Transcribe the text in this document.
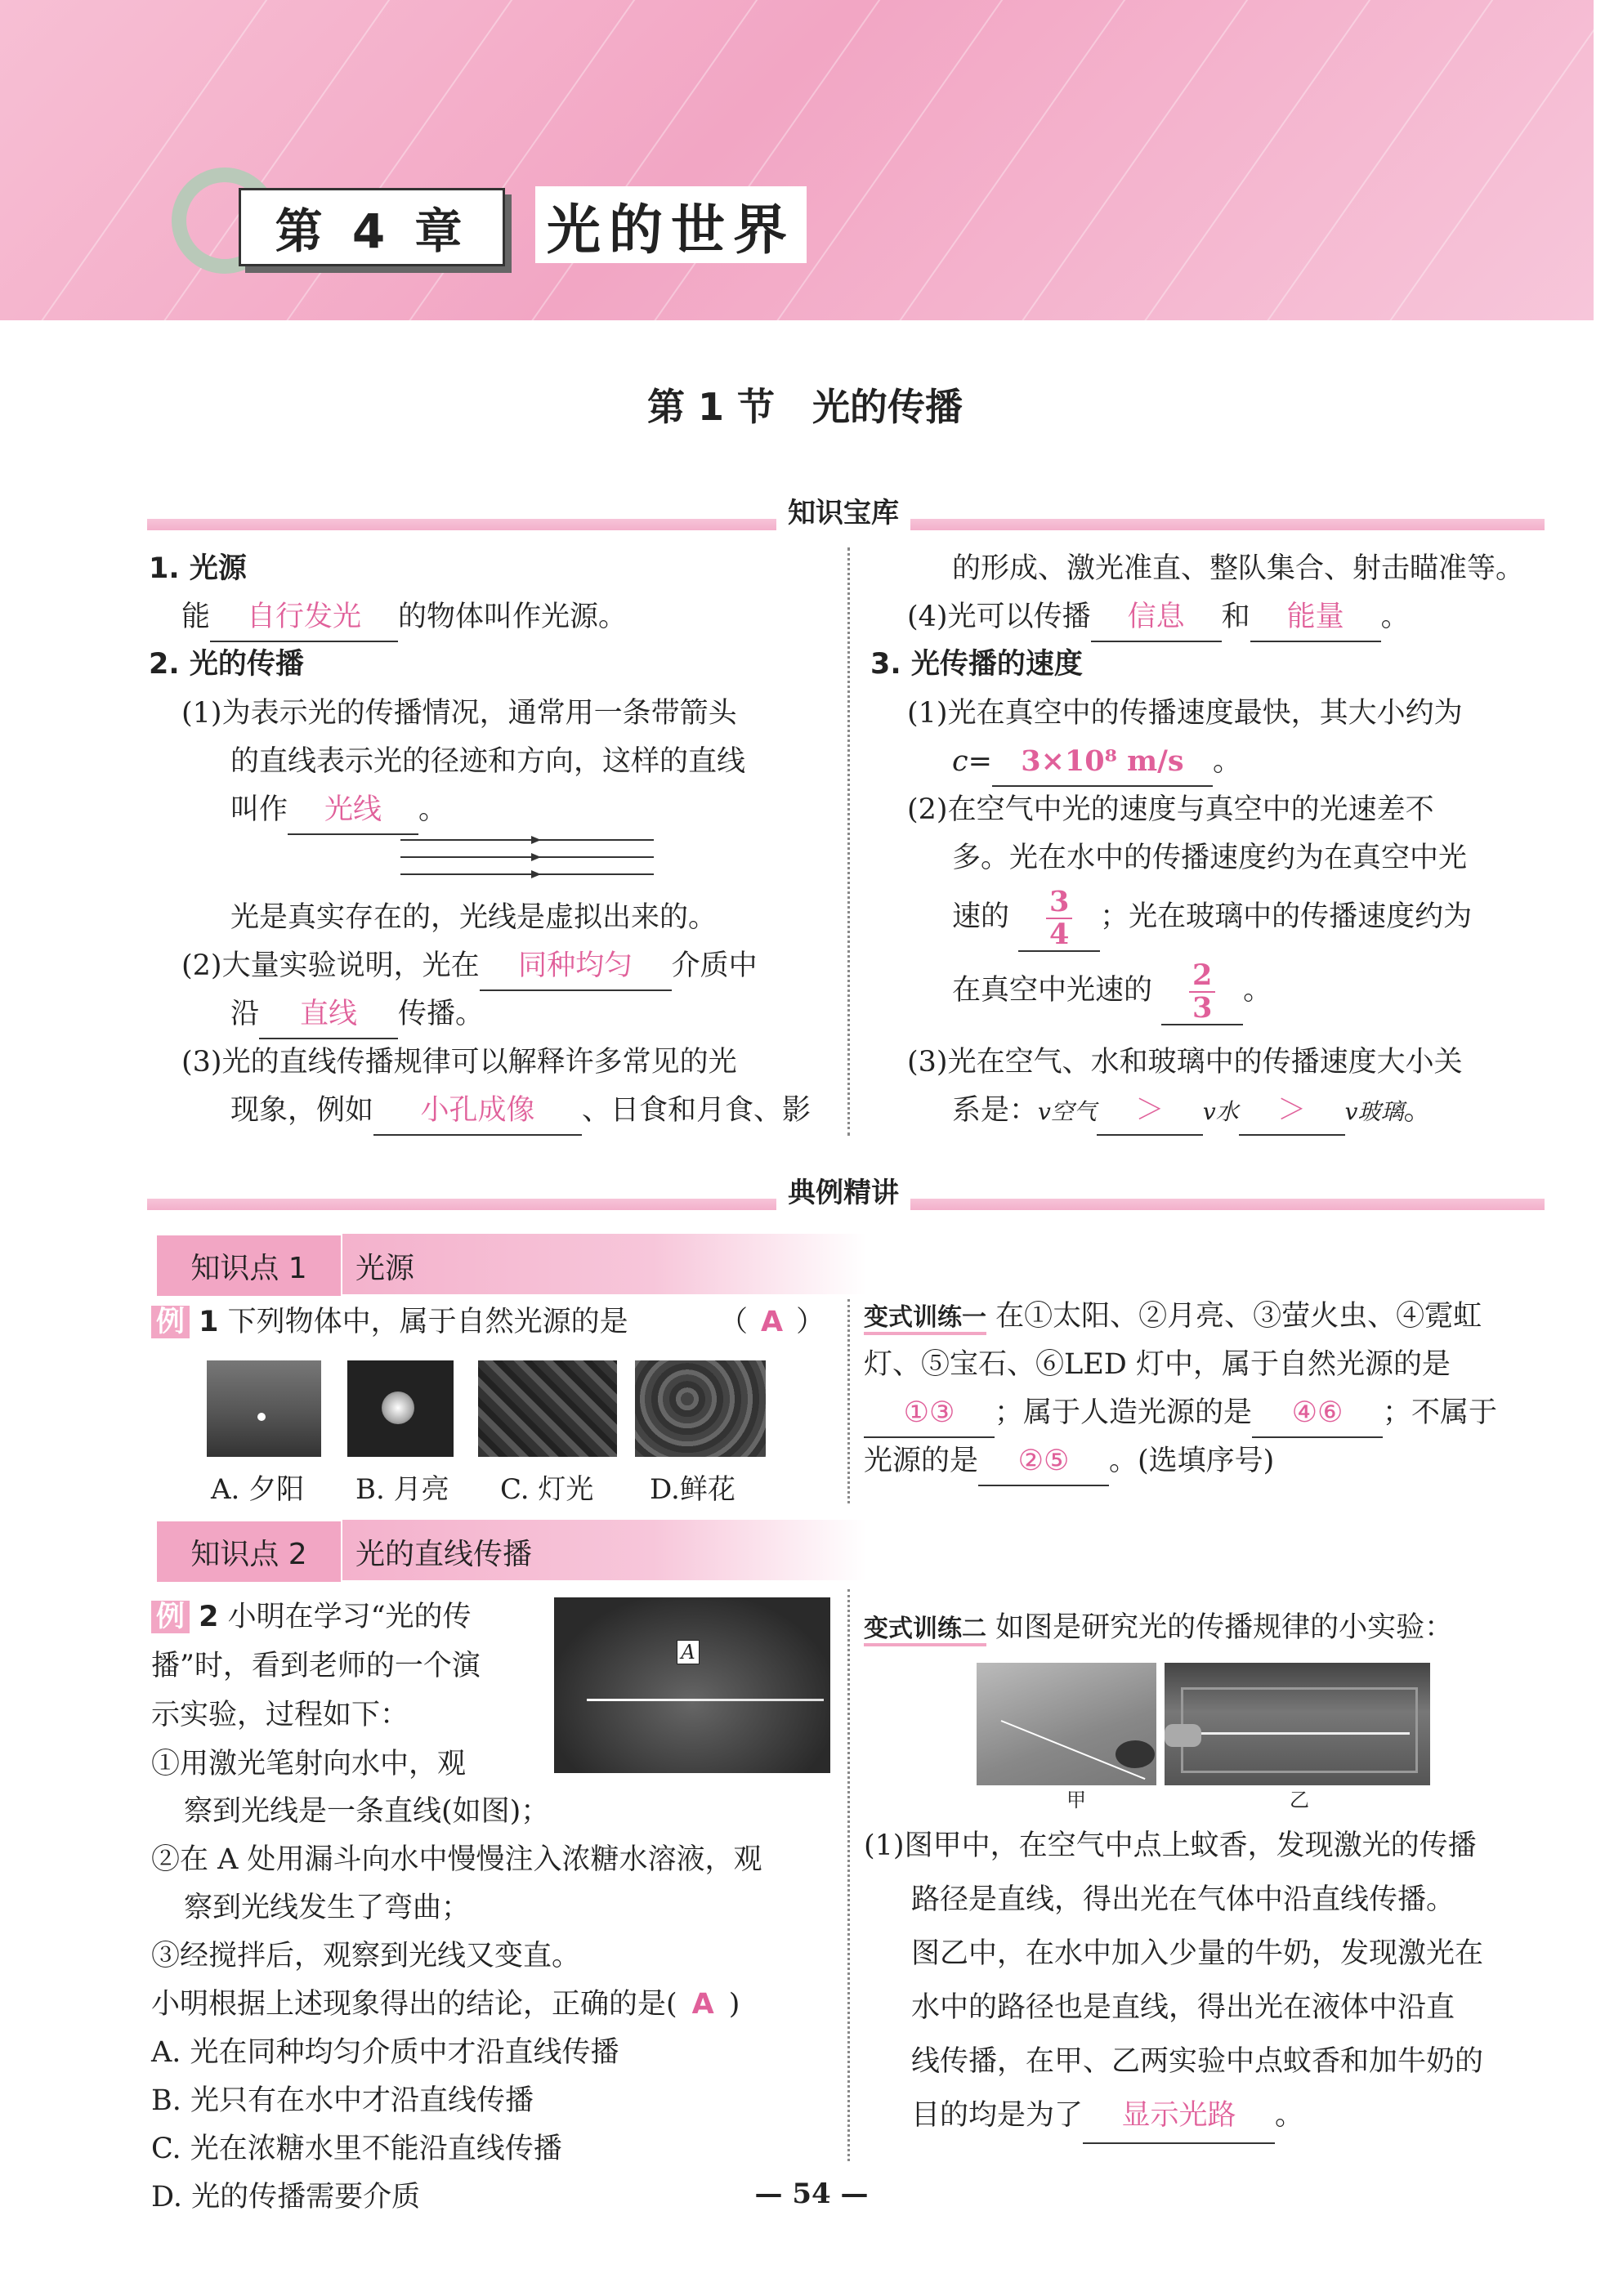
第 4 章	光的世界
第 1 节　光的传播
知识宝库
1. 光源
能 自行发光 的物体叫作光源。
2. 光的传播
(1)为表示光的传播情况，通常用一条带箭头
的直线表示光的径迹和方向，这样的直线
叫作 光线 。
光是真实存在的，光线是虚拟出来的。
(2)大量实验说明，光在 同种均匀 介质中
沿 直线 传播。
(3)光的直线传播规律可以解释许多常见的光
现象，例如 小孔成像 、日食和月食、影
的形成、激光准直、整队集合、射击瞄准等。
(4)光可以传播 信息 和 能量 。
3. 光传播的速度
(1)光在真空中的传播速度最快，其大小约为
c= 3×10⁸ m/s 。
(2)在空气中光的速度与真空中的光速差不
多。光在水中的传播速度约为在真空中光
速的 $\frac{3}{4}$ ；光在玻璃中的传播速度约为
在真空中光速的 $\frac{2}{3}$ 。
(3)光在空气、水和玻璃中的传播速度大小关
系是：v空气 ＞ v水 ＞ v玻璃。
典例精讲
知识点 1	光源
例 1 下列物体中，属于自然光源的是	（ A ）
A. 夕阳 B. 月亮 C. 灯光 D.鲜花
变式训练一 在①太阳、②月亮、③萤火虫、④霓虹
灯、⑤宝石、⑥LED 灯中，属于自然光源的是
①③ ；属于人造光源的是 ④⑥ ；不属于
光源的是 ②⑤ 。(选填序号)
知识点 2	光的直线传播
例 2 小明在学习“光的传
播”时，看到老师的一个演
示实验，过程如下：
①用激光笔射向水中，观
察到光线是一条直线(如图)；
A
②在 A 处用漏斗向水中慢慢注入浓糖水溶液，观
察到光线发生了弯曲；
③经搅拌后，观察到光线又变直。
小明根据上述现象得出的结论，正确的是( A )
A. 光在同种均匀介质中才沿直线传播
B. 光只有在水中才沿直线传播
C. 光在浓糖水里不能沿直线传播
D. 光的传播需要介质
变式训练二 如图是研究光的传播规律的小实验：
甲	乙
(1)图甲中，在空气中点上蚊香，发现激光的传播
路径是直线，得出光在气体中沿直线传播。
图乙中，在水中加入少量的牛奶，发现激光在
水中的路径也是直线，得出光在液体中沿直
线传播，在甲、乙两实验中点蚊香和加牛奶的
目的均是为了 显示光路 。
— 54 —
